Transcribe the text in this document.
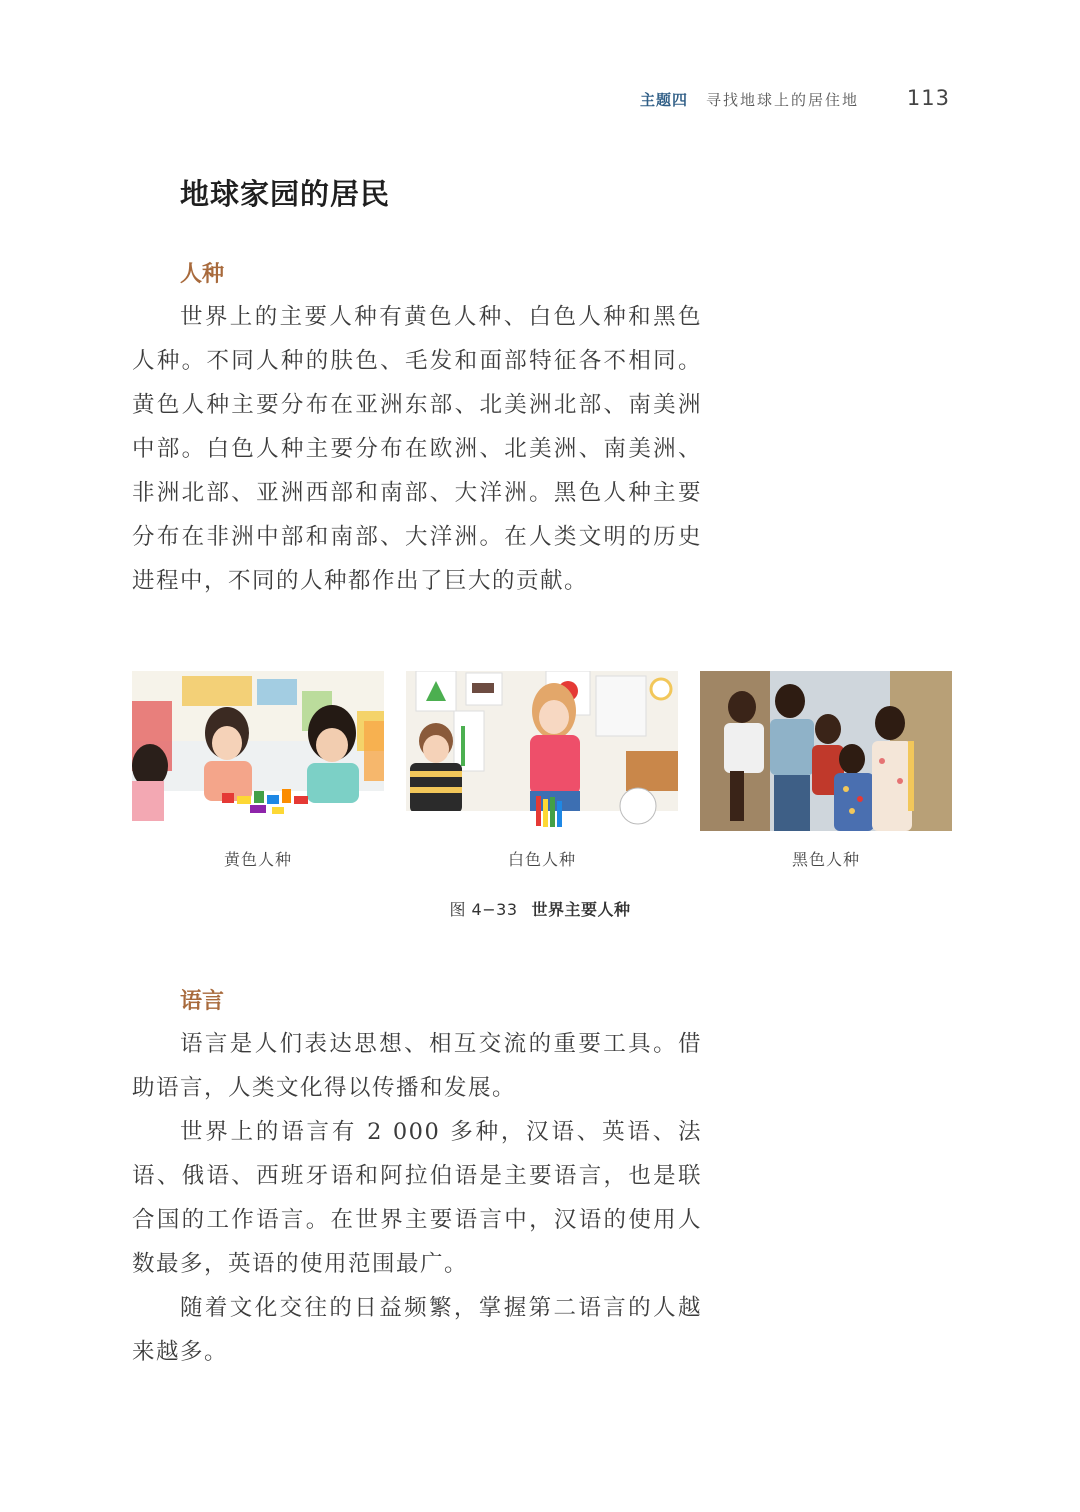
主题四 寻找地球上的居住地 113
地球家园的居民
人种

世界上的主要人种有黄色人种、白色人种和黑色人种。不同人种的肤色、毛发和面部特征各不相同。黄色人种主要分布在亚洲东部、北美洲北部、南美洲中部。白色人种主要分布在欧洲、北美洲、南美洲、非洲北部、亚洲西部和南部、大洋洲。黑色人种主要分布在非洲中部和南部、大洋洲。在人类文明的历史进程中，不同的人种都作出了巨大的贡献。

黄色人种	白色人种	黑色人种
图 4−33 世界主要人种
语言

语言是人们表达思想、相互交流的重要工具。借助语言，人类文化得以传播和发展。

世界上的语言有 2 000 多种，汉语、英语、法语、俄语、西班牙语和阿拉伯语是主要语言，也是联合国的工作语言。在世界主要语言中，汉语的使用人数最多，英语的使用范围最广。

随着文化交往的日益频繁，掌握第二语言的人越来越多。
